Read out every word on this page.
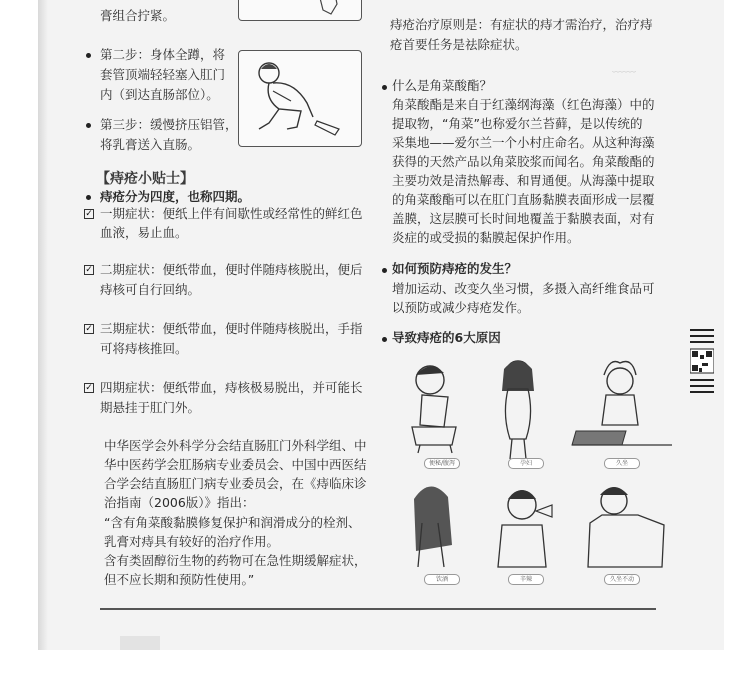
﹏﹏
膏组合拧紧。
第二步：身体全蹲，将
套管顶端轻轻塞入肛门
内（到达直肠部位）。
第三步：缓慢挤压铝管，
将乳膏送入直肠。
【痔疮小贴士】
痔疮分为四度，也称四期。
✓ 一期症状：便纸上伴有间歇性或经常性的鲜红色
血液，易止血。
✓ 二期症状：便纸带血，便时伴随痔核脱出，便后
痔核可自行回纳。
✓ 三期症状：便纸带血，便时伴随痔核脱出，手指
可将痔核推回。
✓ 四期症状：便纸带血，痔核极易脱出，并可能长
期悬挂于肛门外。
中华医学会外科学分会结直肠肛门外科学组、中
华中医药学会肛肠病专业委员会、中国中西医结
合学会结直肠肛门病专业委员会，在《痔临床诊
治指南（2006版）》指出：
“含有角菜酸黏膜修复保护和润滑成分的栓剂、
乳膏对痔具有较好的治疗作用。
含有类固醇衍生物的药物可在急性期缓解症状，
但不应长期和预防性使用。”
痔疮治疗原则是：有症状的痔才需治疗，治疗痔
疮首要任务是祛除症状。
什么是角菜酸酯？
角菜酸酯是来自于红藻纲海藻（红色海藻）中的
提取物，“角菜”也称爱尔兰苔藓，是以传统的
采集地——爱尔兰一个小村庄命名。从这种海藻
获得的天然产品以角菜胶浆而闻名。角菜酸酯的
主要功效是清热解毒、和胃通便。从海藻中提取
的角菜酸酯可以在肛门直肠黏膜表面形成一层覆
盖膜，这层膜可长时间地覆盖于黏膜表面，对有
炎症的或受损的黏膜起保护作用。
如何预防痔疮的发生？
增加运动、改变久坐习惯，多摄入高纤维食品可
以预防或减少痔疮发作。
导致痔疮的6大原因
便秘/腹泻	孕妇	久坐
饮酒	辛辣	久坐不动
